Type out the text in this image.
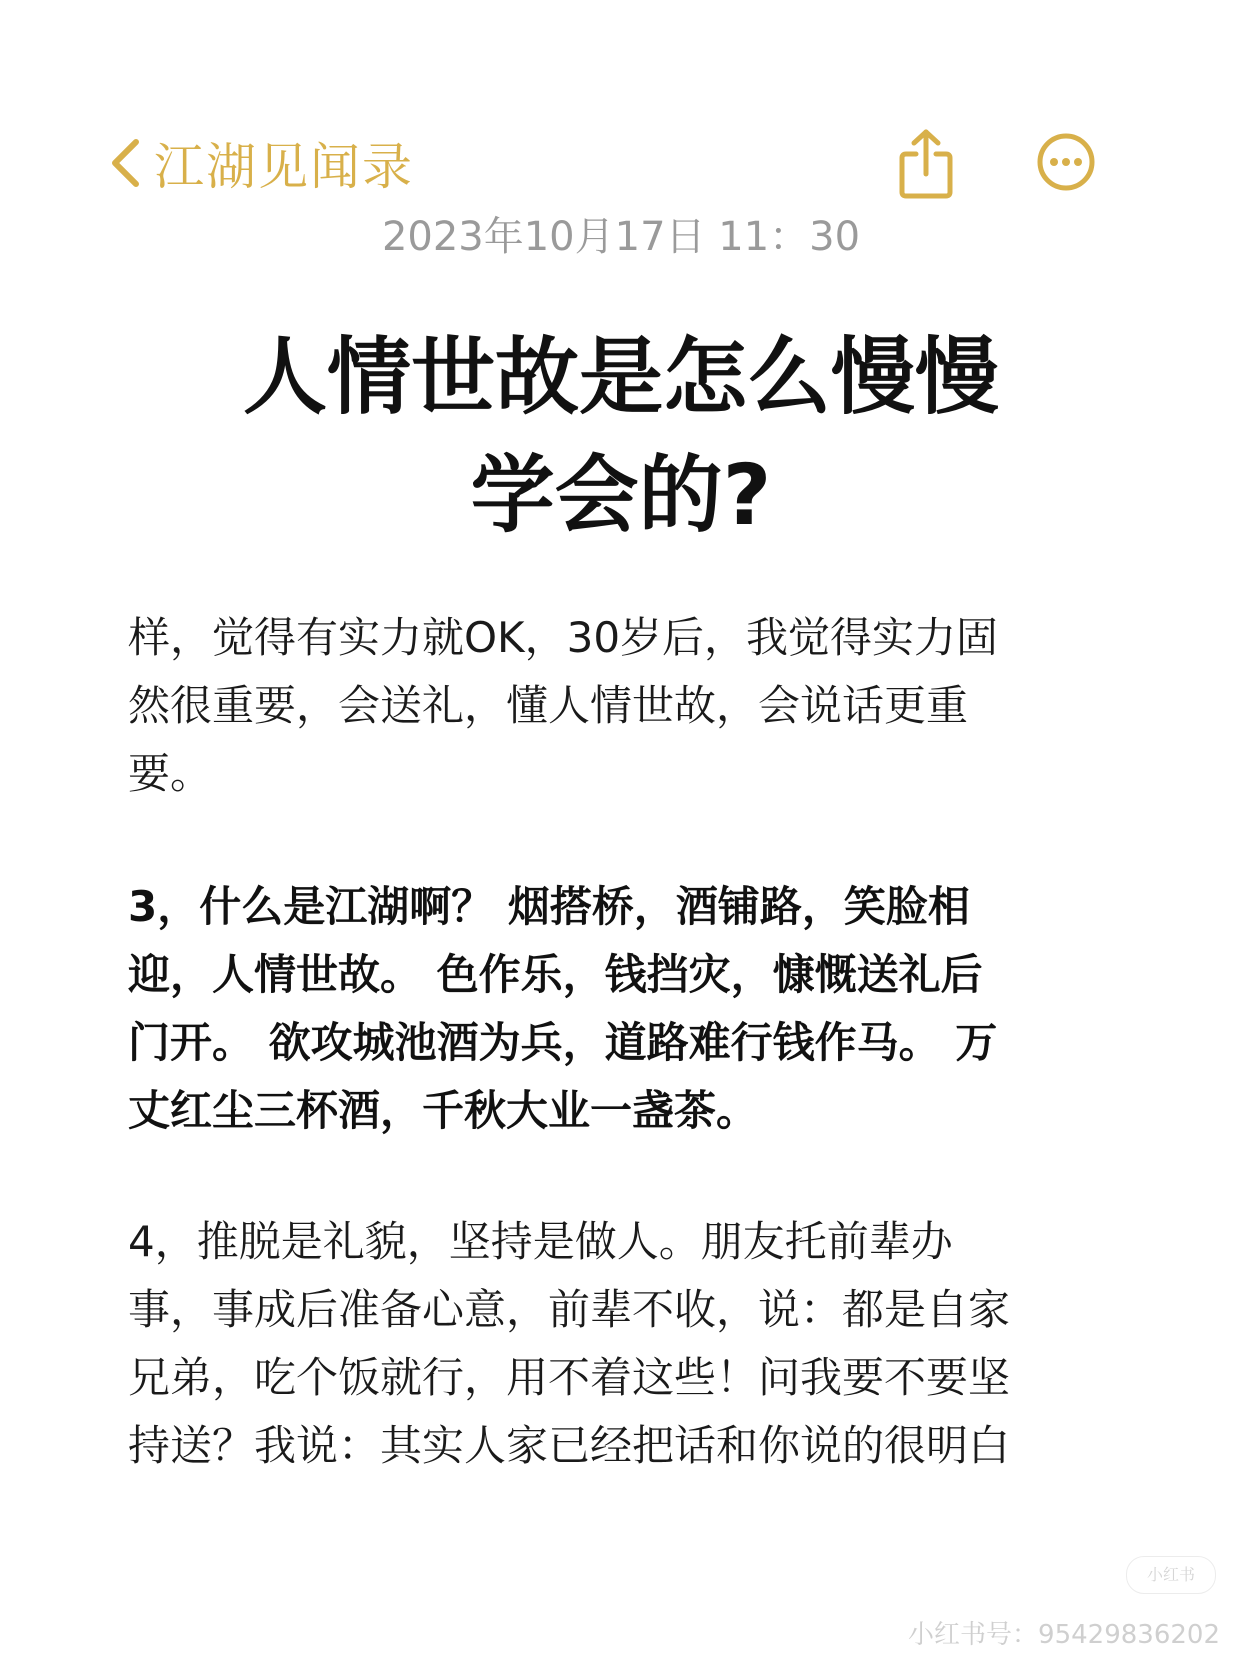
江湖见闻录
2023年10月17日 11：30
人情世故是怎么慢慢
学会的?
样，觉得有实力就OK，30岁后，我觉得实力固
然很重要，会送礼，懂人情世故，会说话更重
要。
3，什么是江湖啊？ 烟搭桥，酒铺路，笑脸相
迎，人情世故。 色作乐，钱挡灾，慷慨送礼后
门开。 欲攻城池酒为兵，道路难行钱作马。 万
丈红尘三杯酒，千秋大业一盏茶。
4，推脱是礼貌，坚持是做人。朋友托前辈办
事，事成后准备心意，前辈不收，说：都是自家
兄弟，吃个饭就行，用不着这些！问我要不要坚
持送？我说：其实人家已经把话和你说的很明白
小红书
小红书号：95429836202
